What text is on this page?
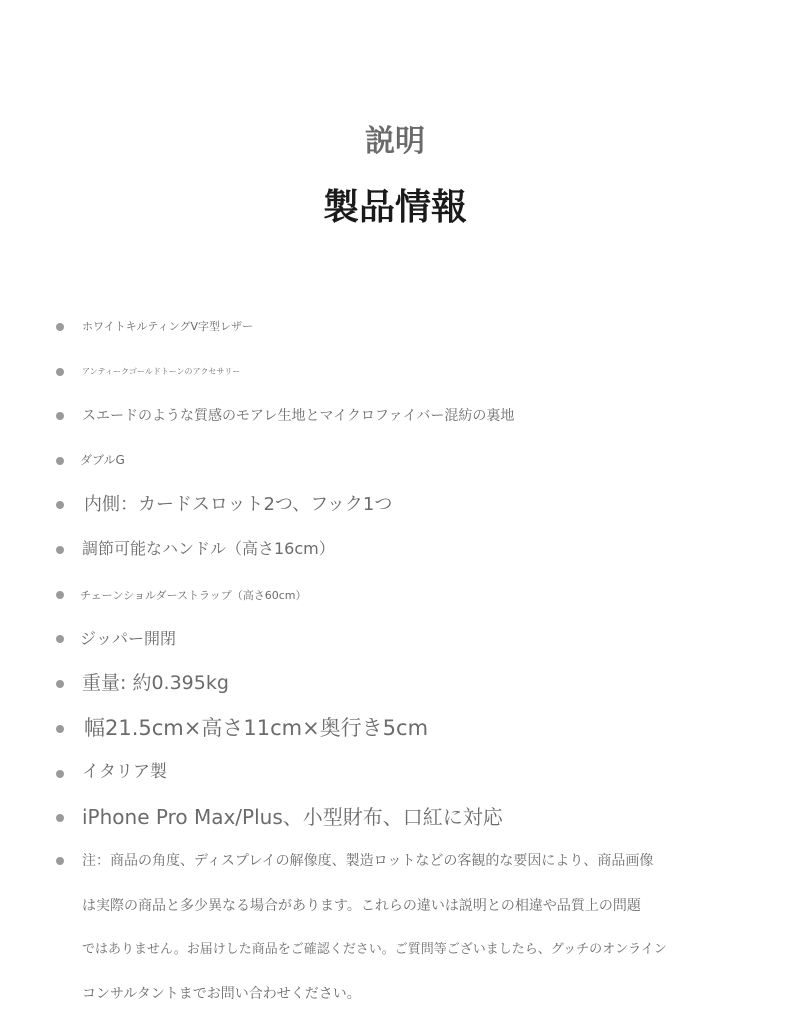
説明
製品情報
ホワイトキルティングV字型レザー
アンティークゴールドトーンのアクセサリー
スエードのような質感のモアレ生地とマイクロファイバー混紡の裏地
ダブルG
内側：カードスロット2つ、フック1つ
調節可能なハンドル（高さ16cm）
チェーンショルダーストラップ（高さ60cm）
ジッパー開閉
重量: 約0.395kg
幅21.5cm×高さ11cm×奥行き5cm
イタリア製
iPhone Pro Max/Plus、小型財布、口紅に対応
注：商品の角度、ディスプレイの解像度、製造ロットなどの客観的な要因により、商品画像
は実際の商品と多少異なる場合があります。これらの違いは説明との相違や品質上の問題
ではありません。お届けした商品をご確認ください。ご質問等ございましたら、グッチのオンライン
コンサルタントまでお問い合わせください。
